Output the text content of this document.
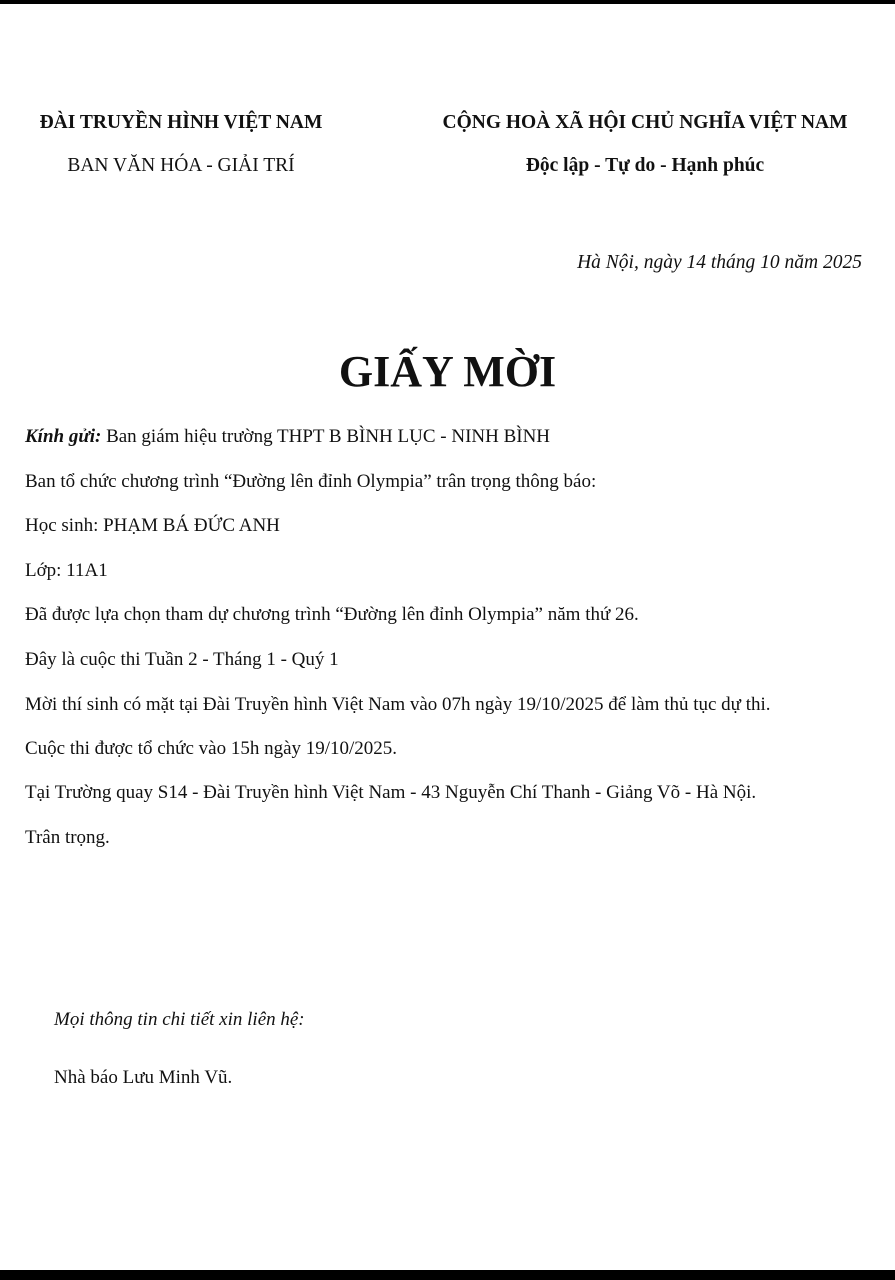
ĐÀI TRUYỀN HÌNH VIỆT NAM
BAN VĂN HÓA - GIẢI TRÍ
CỘNG HOÀ XÃ HỘI CHỦ NGHĨA VIỆT NAM
Độc lập - Tự do - Hạnh phúc
Hà Nội, ngày 14 tháng 10 năm 2025
GIẤY MỜI
Kính gửi: Ban giám hiệu trường THPT B BÌNH LỤC - NINH BÌNH
Ban tổ chức chương trình “Đường lên đỉnh Olympia” trân trọng thông báo:
Học sinh: PHẠM BÁ ĐỨC ANH
Lớp: 11A1
Đã được lựa chọn tham dự chương trình “Đường lên đỉnh Olympia” năm thứ 26.
Đây là cuộc thi Tuần 2 - Tháng 1 - Quý 1
Mời thí sinh có mặt tại Đài Truyền hình Việt Nam vào 07h ngày 19/10/2025 để làm thủ tục dự thi.
Cuộc thi được tổ chức vào 15h ngày 19/10/2025.
Tại Trường quay S14 - Đài Truyền hình Việt Nam - 43 Nguyễn Chí Thanh - Giảng Võ - Hà Nội.
Trân trọng.
Mọi thông tin chi tiết xin liên hệ:
Nhà báo Lưu Minh Vũ.
